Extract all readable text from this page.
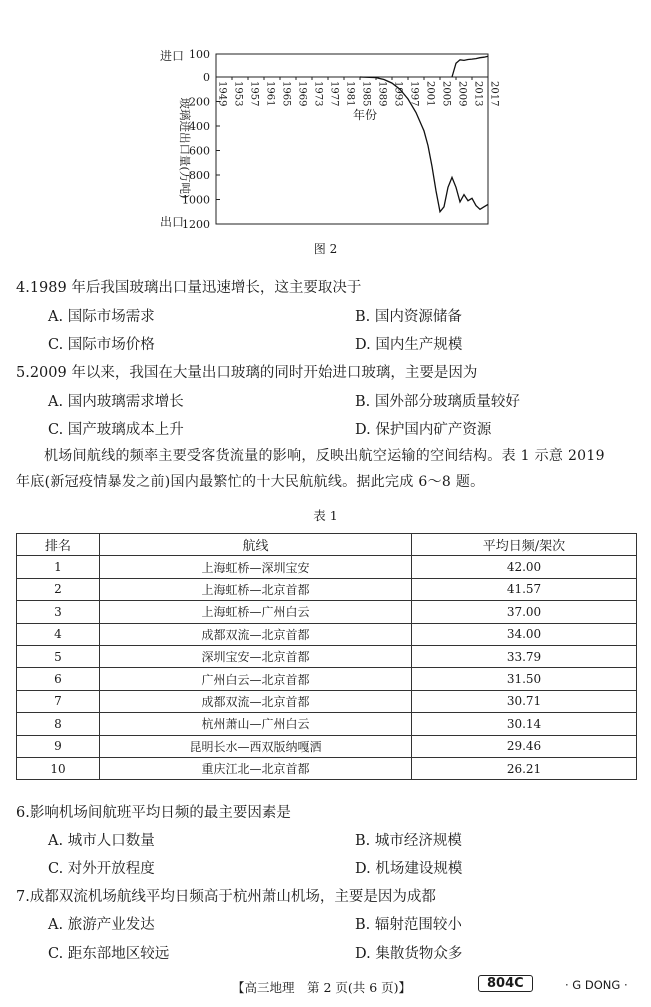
100
0
200
400
600
800
1000
1200
1949 1953 1957 1961 1965 1969 1973 1977 1981 1985 1989 1993 1997 2001 2005 2009 2013 2017
玻璃进出口量(万吨)	年份
进口
出口
图 2
4.1989 年后我国玻璃出口量迅速增长，这主要取决于
A. 国际市场需求	B. 国内资源储备
C. 国际市场价格	D. 国内生产规模
5.2009 年以来，我国在大量出口玻璃的同时开始进口玻璃，主要是因为
A. 国内玻璃需求增长	B. 国外部分玻璃质量较好
C. 国产玻璃成本上升	D. 保护国内矿产资源
机场间航线的频率主要受客货流量的影响，反映出航空运输的空间结构。表 1 示意 2019
年底(新冠疫情暴发之前)国内最繁忙的十大民航航线。据此完成 6～8 题。
表 1
排名	航线	平均日频/架次
1	上海虹桥—深圳宝安	42.00
2	上海虹桥—北京首都	41.57
3	上海虹桥—广州白云	37.00
4	成都双流—北京首都	34.00
5	深圳宝安—北京首都	33.79
6	广州白云—北京首都	31.50
7	成都双流—北京首都	30.71
8	杭州萧山—广州白云	30.14
9	昆明长水—西双版纳嘎洒	29.46
10	重庆江北—北京首都	26.21
6.影响机场间航班平均日频的最主要因素是
A. 城市人口数量	B. 城市经济规模
C. 对外开放程度	D. 机场建设规模
7.成都双流机场航线平均日频高于杭州萧山机场，主要是因为成都
A. 旅游产业发达	B. 辐射范围较小
C. 距东部地区较远	D. 集散货物众多
【高三地理　第 2 页(共 6 页)】	804C	· G DONG ·
